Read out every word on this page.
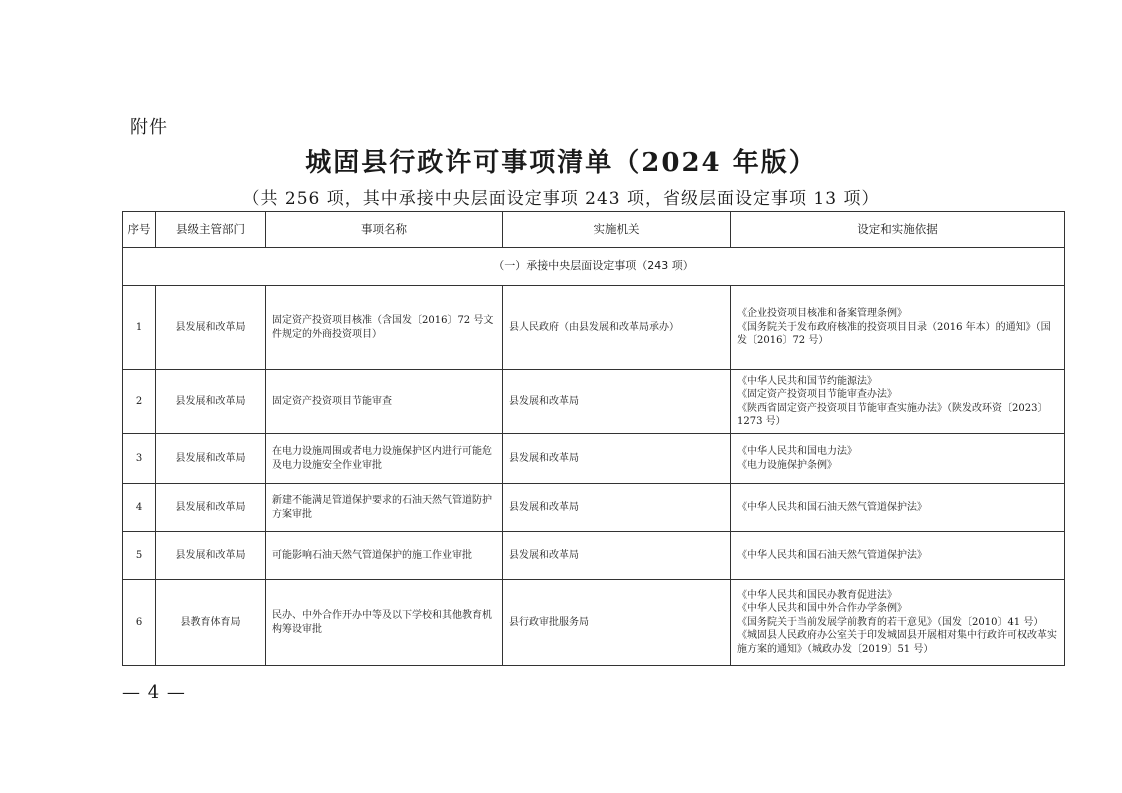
附件
城固县行政许可事项清单（2024 年版）
（共 256 项，其中承接中央层面设定事项 243 项，省级层面设定事项 13 项）
序号	县级主管部门	事项名称	实施机关	设定和实施依据
（一）承接中央层面设定事项（243 项）				
1	县发展和改革局	固定资产投资项目核准（含国发〔2016〕72 号文件规定的外商投资项目）	县人民政府（由县发展和改革局承办）	《企业投资项目核准和备案管理条例》
《国务院关于发布政府核准的投资项目目录（2016 年本）的通知》（国发〔2016〕72 号）

2	县发展和改革局	固定资产投资项目节能审查	县发展和改革局	《中华人民共和国节约能源法》
《固定资产投资项目节能审查办法》
《陕西省固定资产投资项目节能审查实施办法》（陕发改环资〔2023〕1273 号）

3	县发展和改革局	在电力设施周围或者电力设施保护区内进行可能危及电力设施安全作业审批	县发展和改革局	《中华人民共和国电力法》
《电力设施保护条例》

4	县发展和改革局	新建不能满足管道保护要求的石油天然气管道防护方案审批	县发展和改革局	《中华人民共和国石油天然气管道保护法》

5	县发展和改革局	可能影响石油天然气管道保护的施工作业审批	县发展和改革局	《中华人民共和国石油天然气管道保护法》

6	县教育体育局	民办、中外合作开办中等及以下学校和其他教育机构筹设审批	县行政审批服务局	《中华人民共和国民办教育促进法》
《中华人民共和国中外合作办学条例》
《国务院关于当前发展学前教育的若干意见》（国发〔2010〕41 号）
《城固县人民政府办公室关于印发城固县开展相对集中行政许可权改革实施方案的通知》（城政办发〔2019〕51 号）
— 4 —
